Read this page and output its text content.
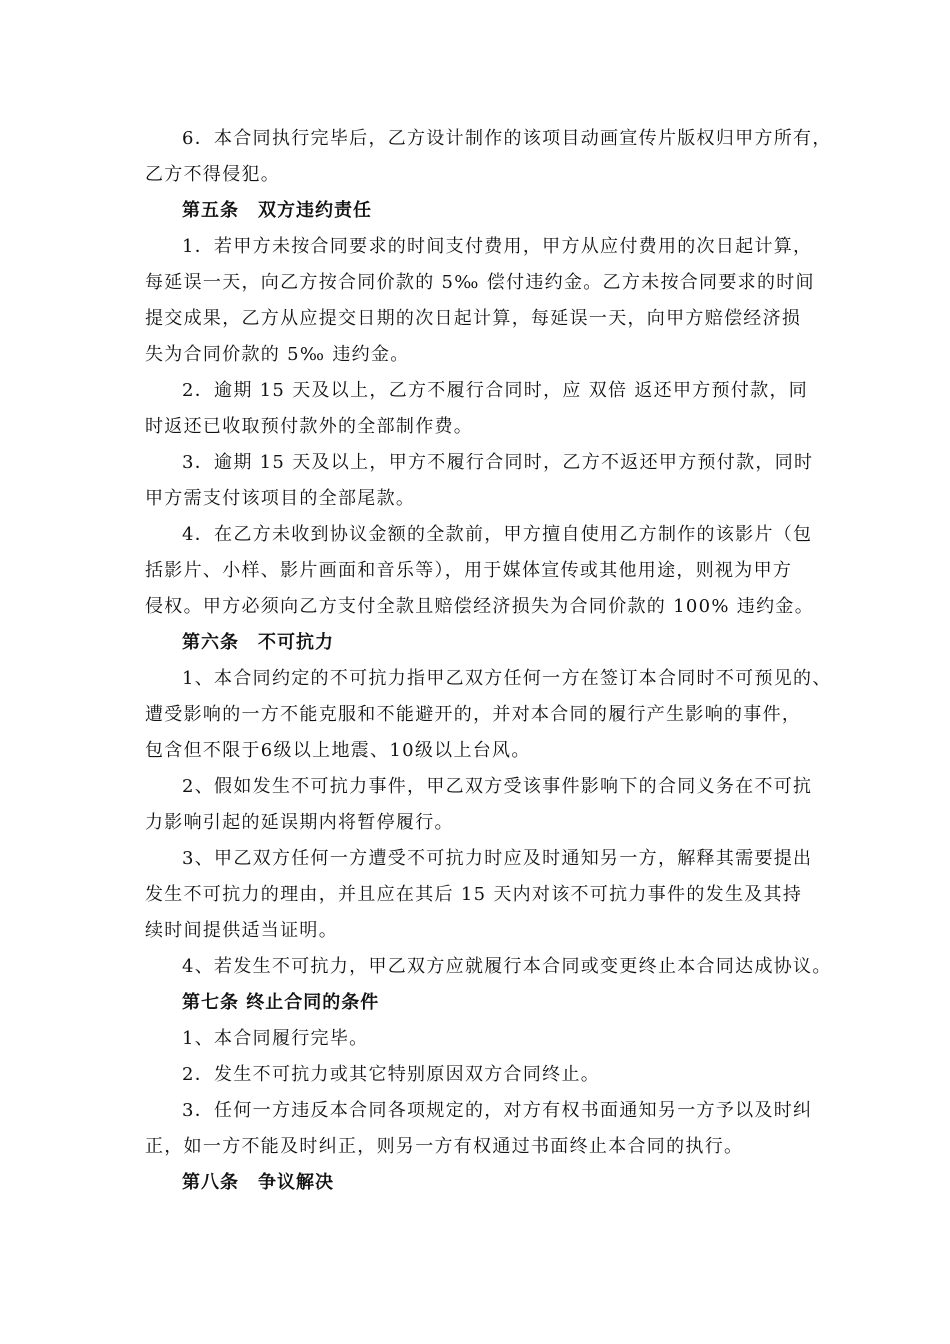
6．本合同执行完毕后，乙方设计制作的该项目动画宣传片版权归甲方所有，
乙方不得侵犯。
第五条　双方违约责任
1．若甲方未按合同要求的时间支付费用，甲方从应付费用的次日起计算，
每延误一天，向乙方按合同价款的 5‰ 偿付违约金。乙方未按合同要求的时间
提交成果，乙方从应提交日期的次日起计算，每延误一天，向甲方赔偿经济损
失为合同价款的 5‰ 违约金。
2．逾期 15 天及以上，乙方不履行合同时，应 双倍 返还甲方预付款，同
时返还已收取预付款外的全部制作费。
3．逾期 15 天及以上，甲方不履行合同时，乙方不返还甲方预付款，同时
甲方需支付该项目的全部尾款。
4．在乙方未收到协议金额的全款前，甲方擅自使用乙方制作的该影片（包
括影片、小样、影片画面和音乐等），用于媒体宣传或其他用途，则视为甲方
侵权。甲方必须向乙方支付全款且赔偿经济损失为合同价款的 100% 违约金。
第六条　不可抗力
1、本合同约定的不可抗力指甲乙双方任何一方在签订本合同时不可预见的、
遭受影响的一方不能克服和不能避开的，并对本合同的履行产生影响的事件，
包含但不限于6级以上地震、10级以上台风。
2、假如发生不可抗力事件，甲乙双方受该事件影响下的合同义务在不可抗
力影响引起的延误期内将暂停履行。
3、甲乙双方任何一方遭受不可抗力时应及时通知另一方，解释其需要提出
发生不可抗力的理由，并且应在其后 15 天内对该不可抗力事件的发生及其持
续时间提供适当证明。
4、若发生不可抗力，甲乙双方应就履行本合同或变更终止本合同达成协议。
第七条 终止合同的条件
1、本合同履行完毕。
2．发生不可抗力或其它特别原因双方合同终止。
3．任何一方违反本合同各项规定的，对方有权书面通知另一方予以及时纠
正，如一方不能及时纠正，则另一方有权通过书面终止本合同的执行。
第八条　争议解决
